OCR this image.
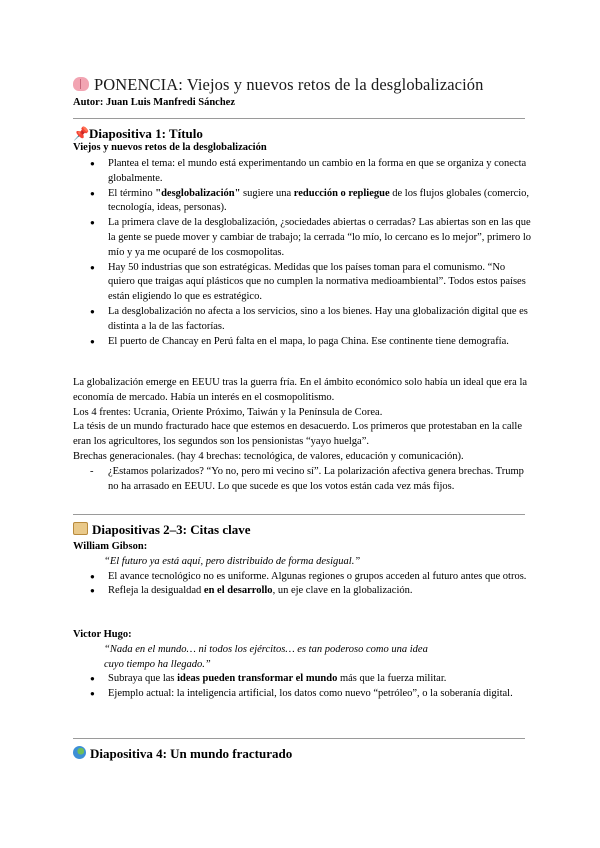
PONENCIA: Viejos y nuevos retos de la desglobalización
Autor: Juan Luis Manfredi Sánchez
📌Diapositiva 1: Título
Viejos y nuevos retos de la desglobalización
● Plantea el tema: el mundo está experimentando un cambio en la forma en que se organiza y conecta globalmente.
● El término "desglobalización" sugiere una reducción o repliegue de los flujos globales (comercio, tecnología, ideas, personas).
● La primera clave de la desglobalización, ¿sociedades abiertas o cerradas? Las abiertas son en las que la gente se puede mover y cambiar de trabajo; la cerrada “lo mío, lo cercano es lo mejor”, primero lo mío y ya me ocuparé de los cosmopolitas.
● Hay 50 industrias que son estratégicas. Medidas que los países toman para el comunismo. “No quiero que traigas aquí plásticos que no cumplen la normativa medioambiental”. Todos estos países están eligiendo lo que es estratégico.
● La desglobalización no afecta a los servicios, sino a los bienes. Hay una globalización digital que es distinta a la de las factorías.
● El puerto de Chancay en Perú falta en el mapa, lo paga China. Ese continente tiene demografía.
La globalización emerge en EEUU tras la guerra fría. En el ámbito económico solo había un ideal que era la economía de mercado. Había un interés en el cosmopolitismo.
Los 4 frentes: Ucrania, Oriente Próximo, Taiwán y la Península de Corea.
La tésis de un mundo fracturado hace que estemos en desacuerdo. Los primeros que protestaban en la calle eran los agricultores, los segundos son los pensionistas “yayo huelga”.
Brechas generacionales. (hay 4 brechas: tecnológica, de valores, educación y comunicación).
- ¿Estamos polarizados? “Yo no, pero mi vecino sí”. La polarización afectiva genera brechas. Trump no ha arrasado en EEUU. Lo que sucede es que los votos están cada vez más fijos.
Diapositivas 2–3: Citas clave
William Gibson:
“El futuro ya está aquí, pero distribuido de forma desigual.”
● El avance tecnológico no es uniforme. Algunas regiones o grupos acceden al futuro antes que otros.
● Refleja la desigualdad en el desarrollo, un eje clave en la globalización.
Victor Hugo:
“Nada en el mundo… ni todos los ejércitos… es tan poderoso como una idea cuyo tiempo ha llegado.”
● Subraya que las ideas pueden transformar el mundo más que la fuerza militar.
● Ejemplo actual: la inteligencia artificial, los datos como nuevo “petróleo”, o la soberanía digital.
Diapositiva 4: Un mundo fracturado
